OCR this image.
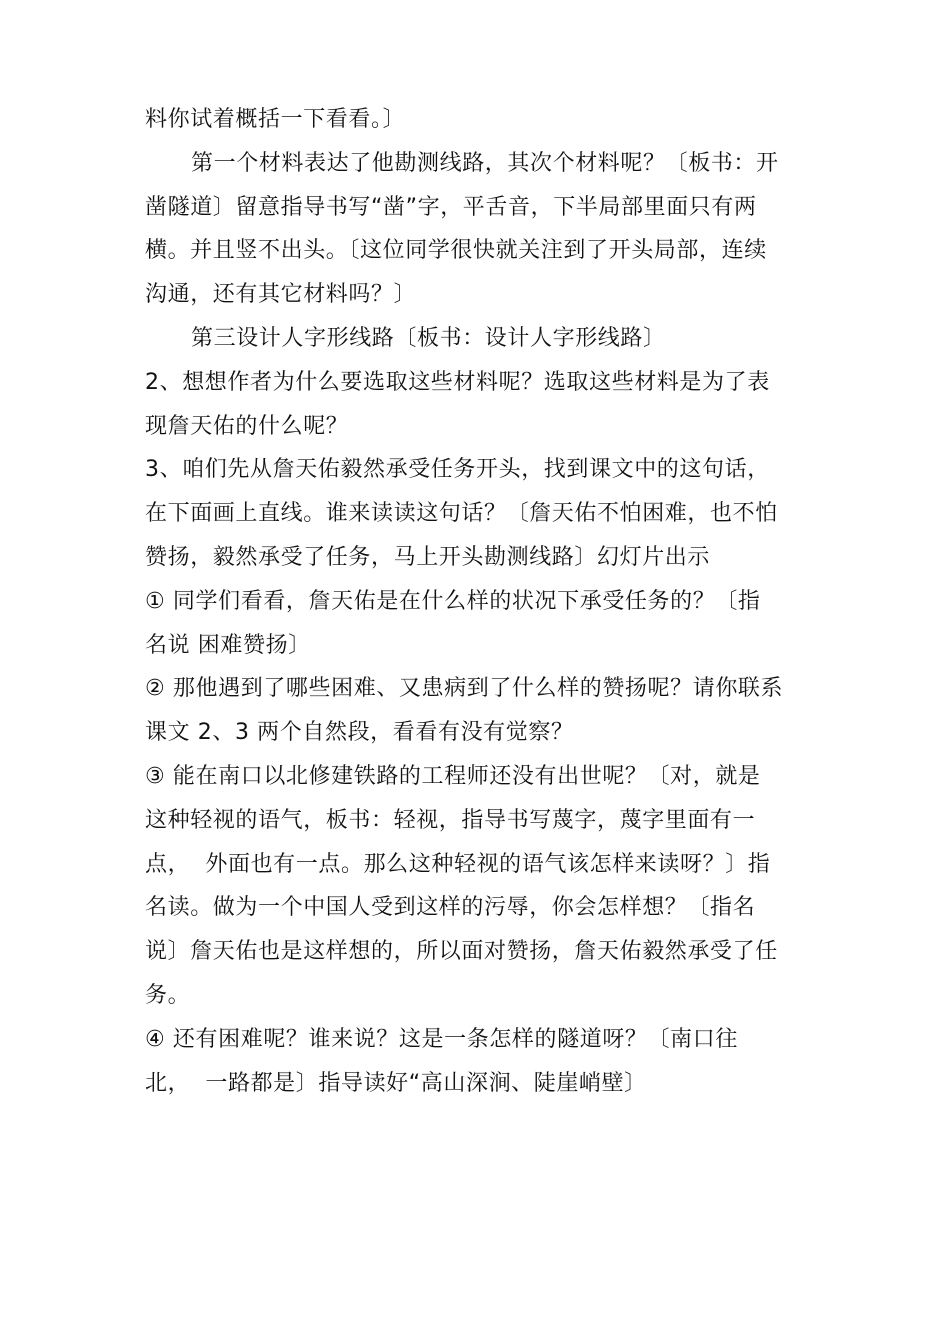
料你试着概括一下看看。〕
第一个材料表达了他勘测线路，其次个材料呢？〔板书：开
凿隧道〕留意指导书写“凿”字，平舌音，下半局部里面只有两
横。并且竖不出头。〔这位同学很快就关注到了开头局部，连续
沟通，还有其它材料吗？〕
第三设计人字形线路〔板书：设计人字形线路〕
2、想想作者为什么要选取这些材料呢？选取这些材料是为了表
现詹天佑的什么呢？
3、咱们先从詹天佑毅然承受任务开头，找到课文中的这句话，
在下面画上直线。谁来读读这句话？〔詹天佑不怕困难，也不怕
赞扬，毅然承受了任务，马上开头勘测线路〕幻灯片出示
① 同学们看看，詹天佑是在什么样的状况下承受任务的？〔指
名说 困难赞扬〕
② 那他遇到了哪些困难、又患病到了什么样的赞扬呢？请你联系
课文 2、3 两个自然段，看看有没有觉察？
③ 能在南口以北修建铁路的工程师还没有出世呢？〔对，就是
这种轻视的语气，板书：轻视，指导书写蔑字，蔑字里面有一
点，  外面也有一点。那么这种轻视的语气该怎样来读呀？〕指
名读。做为一个中国人受到这样的污辱，你会怎样想？〔指名
说〕詹天佑也是这样想的，所以面对赞扬，詹天佑毅然承受了任
务。
④ 还有困难呢？谁来说？这是一条怎样的隧道呀？〔南口往
北，  一路都是〕指导读好“高山深涧、陡崖峭壁〕
